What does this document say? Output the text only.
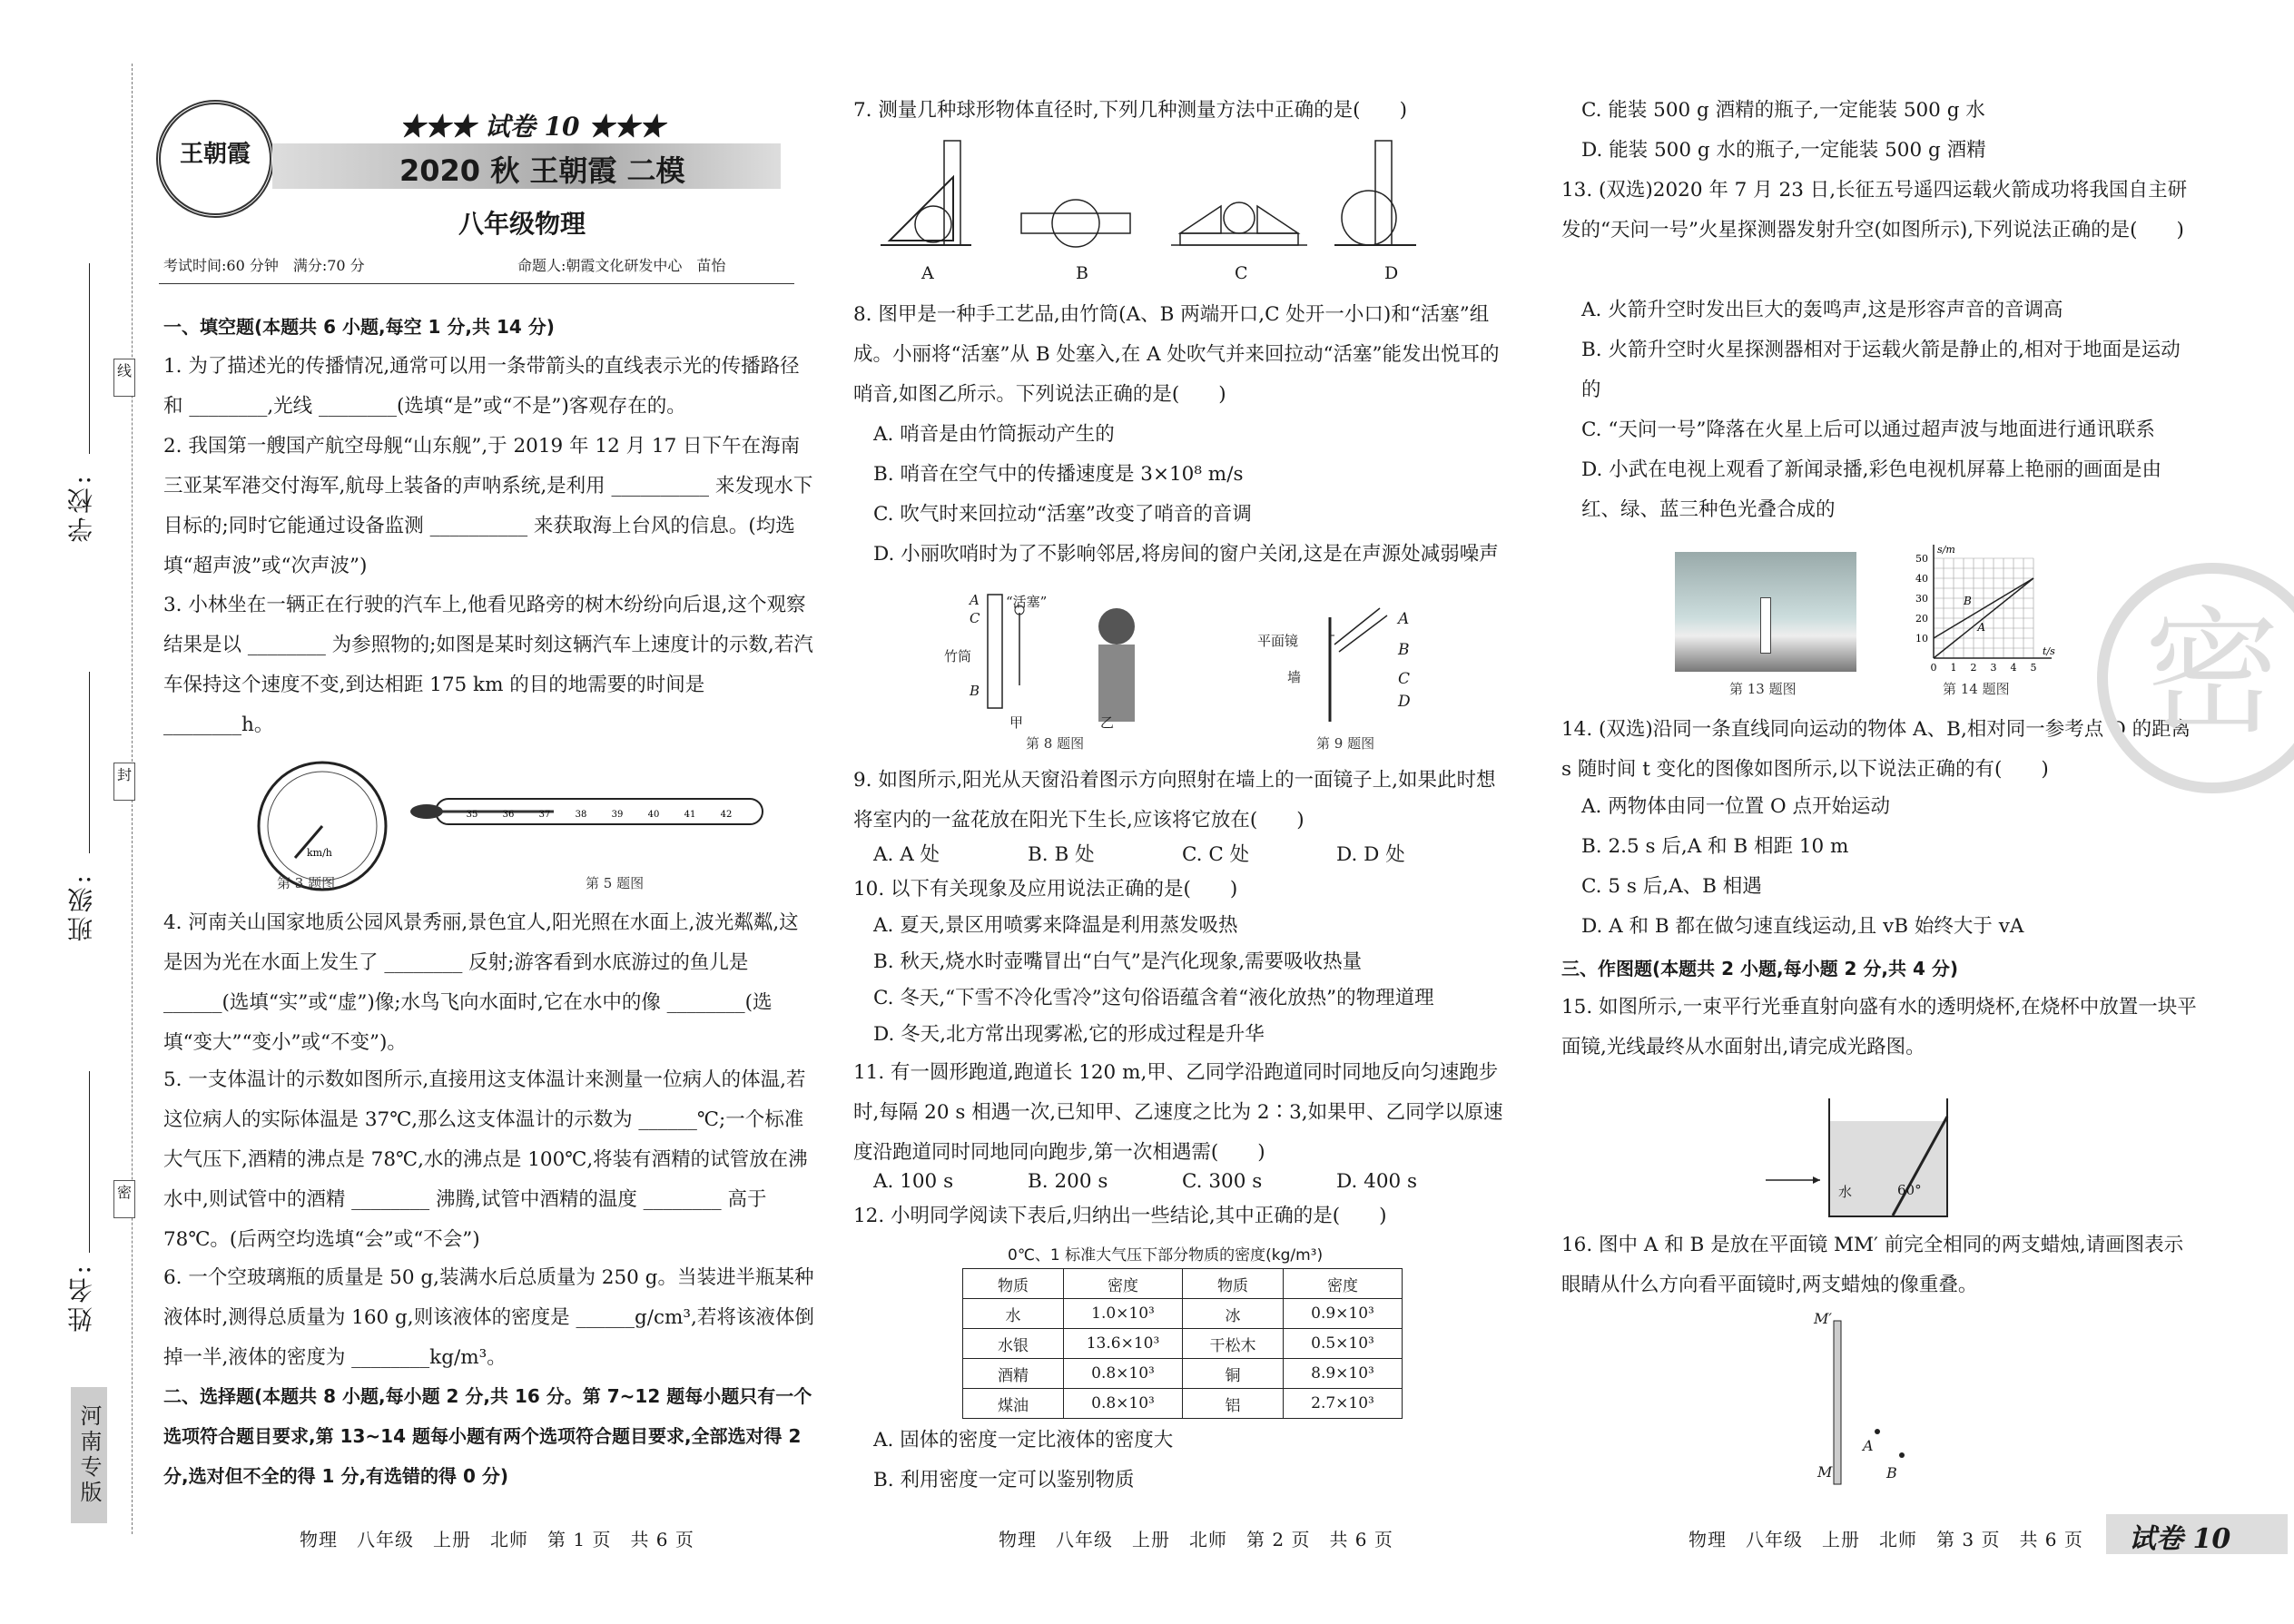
学校:
班级:
姓名:
线
封
密
河南专版
王朝霞
★★★ 试卷 10 ★★★
2020 秋 王朝霞 二模
八年级物理
考试时间:60 分钟　满分:70 分	命题人:朝霞文化研发中心　苗怡
一、填空题(本题共 6 小题,每空 1 分,共 14 分)
1. 为了描述光的传播情况,通常可以用一条带箭头的直线表示光的传播路径和 ________,光线 ________(选填“是”或“不是”)客观存在的。
2. 我国第一艘国产航空母舰“山东舰”,于 2019 年 12 月 17 日下午在海南三亚某军港交付海军,航母上装备的声呐系统,是利用 __________ 来发现水下目标的;同时它能通过设备监测 __________ 来获取海上台风的信息。(均选填“超声波”或“次声波”)
3. 小林坐在一辆正在行驶的汽车上,他看见路旁的树木纷纷向后退,这个观察结果是以 ________ 为参照物的;如图是某时刻这辆汽车上速度计的示数,若汽车保持这个速度不变,到达相距 175 km 的目的地需要的时间是 ________h。
km/h
35	36	37	38	39	40	41	42
第 3 题图	第 5 题图
4. 河南关山国家地质公园风景秀丽,景色宜人,阳光照在水面上,波光粼粼,这是因为光在水面上发生了 ________ 反射;游客看到水底游过的鱼儿是 ______(选填“实”或“虚”)像;水鸟飞向水面时,它在水中的像 ________(选填“变大”“变小”或“不变”)。
5. 一支体温计的示数如图所示,直接用这支体温计来测量一位病人的体温,若这位病人的实际体温是 37℃,那么这支体温计的示数为 ______℃;一个标准大气压下,酒精的沸点是 78℃,水的沸点是 100℃,将装有酒精的试管放在沸水中,则试管中的酒精 ________ 沸腾,试管中酒精的温度 ________ 高于 78℃。(后两空均选填“会”或“不会”)
6. 一个空玻璃瓶的质量是 50 g,装满水后总质量为 250 g。当装进半瓶某种液体时,测得总质量为 160 g,则该液体的密度是 ______g/cm³,若将该液体倒掉一半,液体的密度为 ________kg/m³。
二、选择题(本题共 8 小题,每小题 2 分,共 16 分。第 7~12 题每小题只有一个选项符合题目要求,第 13~14 题每小题有两个选项符合题目要求,全部选对得 2 分,选对但不全的得 1 分,有选错的得 0 分)
物理　八年级　上册　北师　第 1 页　共 6 页
7. 测量几种球形物体直径时,下列几种测量方法中正确的是(　　)
A	B	C	D
8. 图甲是一种手工艺品,由竹筒(A、B 两端开口,C 处开一小口)和“活塞”组成。小丽将“活塞”从 B 处塞入,在 A 处吹气并来回拉动“活塞”能发出悦耳的哨音,如图乙所示。下列说法正确的是(　　)
A. 哨音是由竹筒振动产生的
B. 哨音在空气中的传播速度是 3×10⁸ m/s
C. 吹气时来回拉动“活塞”改变了哨音的音调
D. 小丽吹哨时为了不影响邻居,将房间的窗户关闭,这是在声源处减弱噪声
A
C
B
竹筒
“活塞”
甲	乙
第 8 题图
平面镜
墙
A
B
C
D
第 9 题图
9. 如图所示,阳光从天窗沿着图示方向照射在墙上的一面镜子上,如果此时想将室内的一盆花放在阳光下生长,应该将它放在(　　)
A. A 处	B. B 处	C. C 处	D. D 处
10. 以下有关现象及应用说法正确的是(　　)
A. 夏天,景区用喷雾来降温是利用蒸发吸热
B. 秋天,烧水时壶嘴冒出“白气”是汽化现象,需要吸收热量
C. 冬天,“下雪不冷化雪冷”这句俗语蕴含着“液化放热”的物理道理
D. 冬天,北方常出现雾凇,它的形成过程是升华
11. 有一圆形跑道,跑道长 120 m,甲、乙同学沿跑道同时同地反向匀速跑步时,每隔 20 s 相遇一次,已知甲、乙速度之比为 2∶3,如果甲、乙同学以原速度沿跑道同时同地同向跑步,第一次相遇需(　　)
A. 100 s	B. 200 s	C. 300 s	D. 400 s
12. 小明同学阅读下表后,归纳出一些结论,其中正确的是(　　)
0℃、1 标准大气压下部分物质的密度(kg/m³)
物质	密度	物质	密度
水	1.0×10³	冰	0.9×10³
水银	13.6×10³	干松木	0.5×10³
酒精	0.8×10³	铜	8.9×10³
煤油	0.8×10³	铝	2.7×10³
A. 固体的密度一定比液体的密度大
B. 利用密度一定可以鉴别物质
物理　八年级　上册　北师　第 2 页　共 6 页
C. 能装 500 g 酒精的瓶子,一定能装 500 g 水
D. 能装 500 g 水的瓶子,一定能装 500 g 酒精
13. (双选)2020 年 7 月 23 日,长征五号遥四运载火箭成功将我国自主研发的“天问一号”火星探测器发射升空(如图所示),下列说法正确的是(　　)
A. 火箭升空时发出巨大的轰鸣声,这是形容声音的音调高
B. 火箭升空时火星探测器相对于运载火箭是静止的,相对于地面是运动的
C. “天问一号”降落在火星上后可以通过超声波与地面进行通讯联系
D. 小武在电视上观看了新闻录播,彩色电视机屏幕上艳丽的画面是由红、绿、蓝三种色光叠合成的
第 13 题图
50
40
30
20
10
0 1 2 3 4 5
s/m
t/s
A
B
第 14 题图
14. (双选)沿同一条直线同向运动的物体 A、B,相对同一参考点 O 的距离 s 随时间 t 变化的图像如图所示,以下说法正确的有(　　)
A. 两物体由同一位置 O 点开始运动
B. 2.5 s 后,A 和 B 相距 10 m
C. 5 s 后,A、B 相遇
D. A 和 B 都在做匀速直线运动,且 vB 始终大于 vA
三、作图题(本题共 2 小题,每小题 2 分,共 4 分)
15. 如图所示,一束平行光垂直射向盛有水的透明烧杯,在烧杯中放置一块平面镜,光线最终从水面射出,请完成光路图。
水	60°
16. 图中 A 和 B 是放在平面镜 MM′ 前完全相同的两支蜡烛,请画图表示眼睛从什么方向看平面镜时,两支蜡烛的像重叠。
M′
M
A
B
密
物理　八年级　上册　北师　第 3 页　共 6 页 试卷 10
